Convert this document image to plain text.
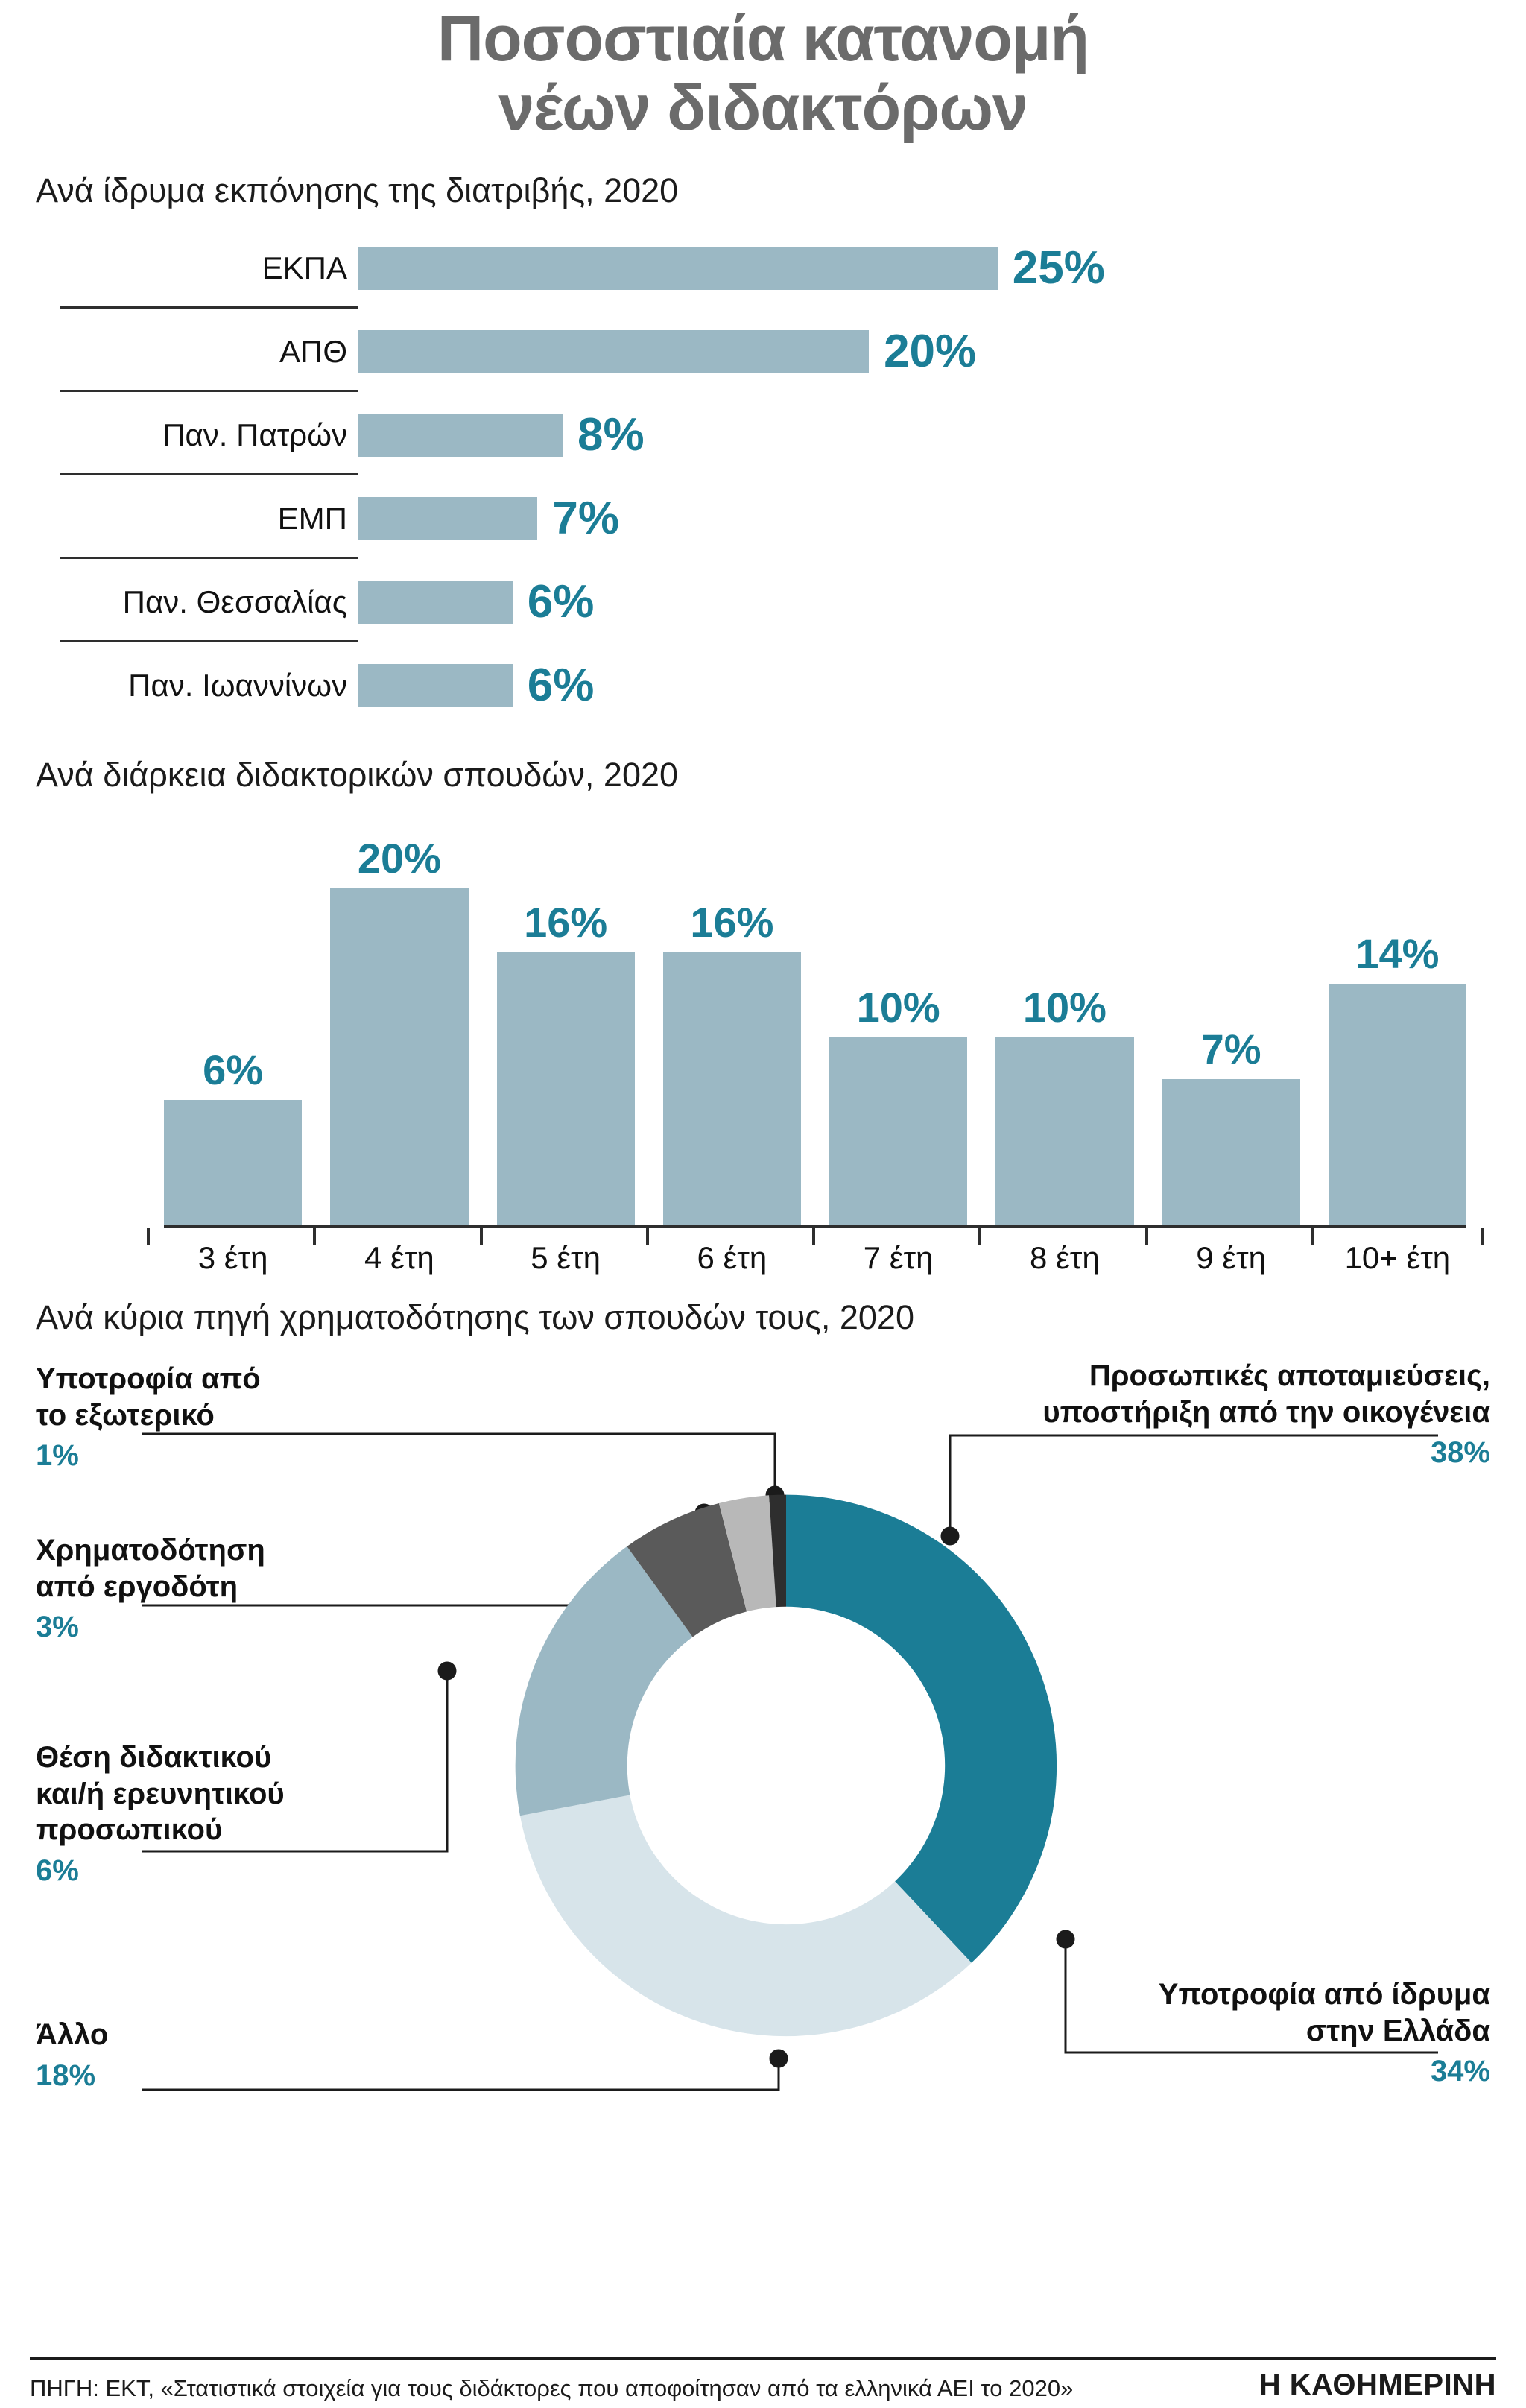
Ποσοστιαία κατανομή
νέων διδακτόρων
Ανά ίδρυμα εκπόνησης της διατριβής, 2020
ΕΚΠΑ	25%
ΑΠΘ	20%
Παν. Πατρών	8%
ΕΜΠ	7%
Παν. Θεσσαλίας	6%
Παν. Ιωαννίνων	6%
Ανά διάρκεια διδακτορικών σπουδών, 2020
6%
20%
16% 16%
10% 10%
7%
14%
3 έτη	4 έτη	5 έτη	6 έτη	7 έτη	8 έτη	9 έτη	10+ έτη
Ανά κύρια πηγή χρηματοδότησης των σπουδών τους, 2020
Υποτροφία από
το εξωτερικό
1%
Χρηματοδότηση
από εργοδότη
3%
Θέση διδακτικού
και/ή ερευνητικού
προσωπικού
6%
Άλλο
18%
Προσωπικές αποταμιεύσεις,
υποστήριξη από την οικογένεια
38%
Υποτροφία από ίδρυμα
στην Ελλάδα
34%
ΠΗΓΗ: ΕΚΤ, «Στατιστικά στοιχεία για τους διδάκτορες που αποφοίτησαν από τα ελληνικά ΑΕΙ το 2020»	Η ΚΑΘΗΜΕΡΙΝΗ
